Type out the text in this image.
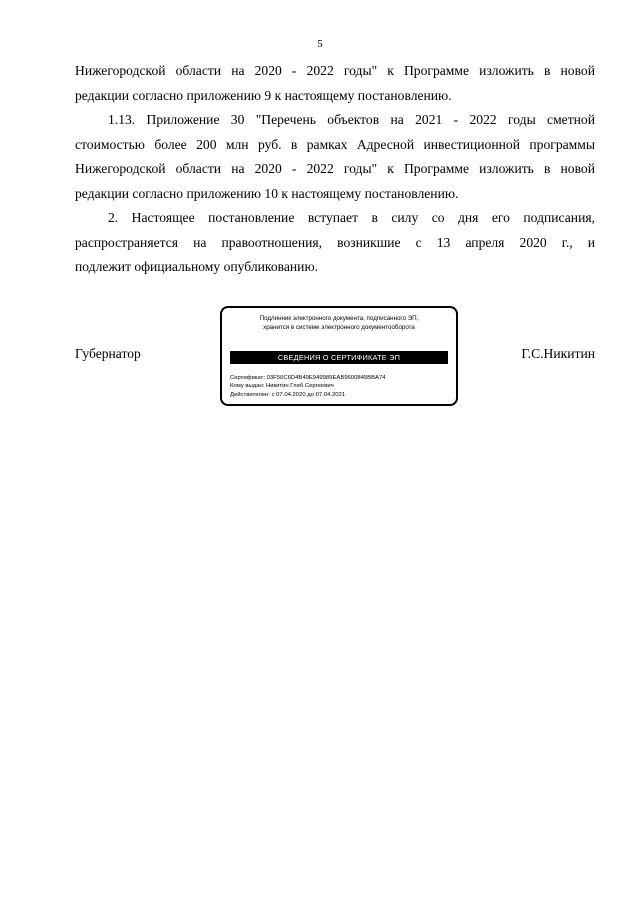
5

Нижегородской области на 2020 - 2022 годы" к Программе изложить в новой
редакции согласно приложению 9 к настоящему постановлению.

1.13. Приложение 30 "Перечень объектов на 2021 - 2022 годы сметной
стоимостью более 200 млн руб. в рамках Адресной инвестиционной программы
Нижегородской области на 2020 - 2022 годы" к Программе изложить в новой
редакции согласно приложению 10 к настоящему постановлению.

2. Настоящее постановление вступает в силу со дня его подписания,
распространяется на правоотношения, возникшие с 13 апреля 2020 г., и
подлежит официальному опубликованию.

Губернатор
Подлинник электронного документа, подписанного ЭП,
хранится в системе электронного документооборота
СВЕДЕНИЯ О СЕРТИФИКАТЕ ЭП
Сертификат: 03F50C6D4B49E949989EAB9600845BBA74
Кому выдан: Никитин Глеб Сергеевич
Действителен: с 07.04.2020 до 07.04.2021
Г.С.Никитин
